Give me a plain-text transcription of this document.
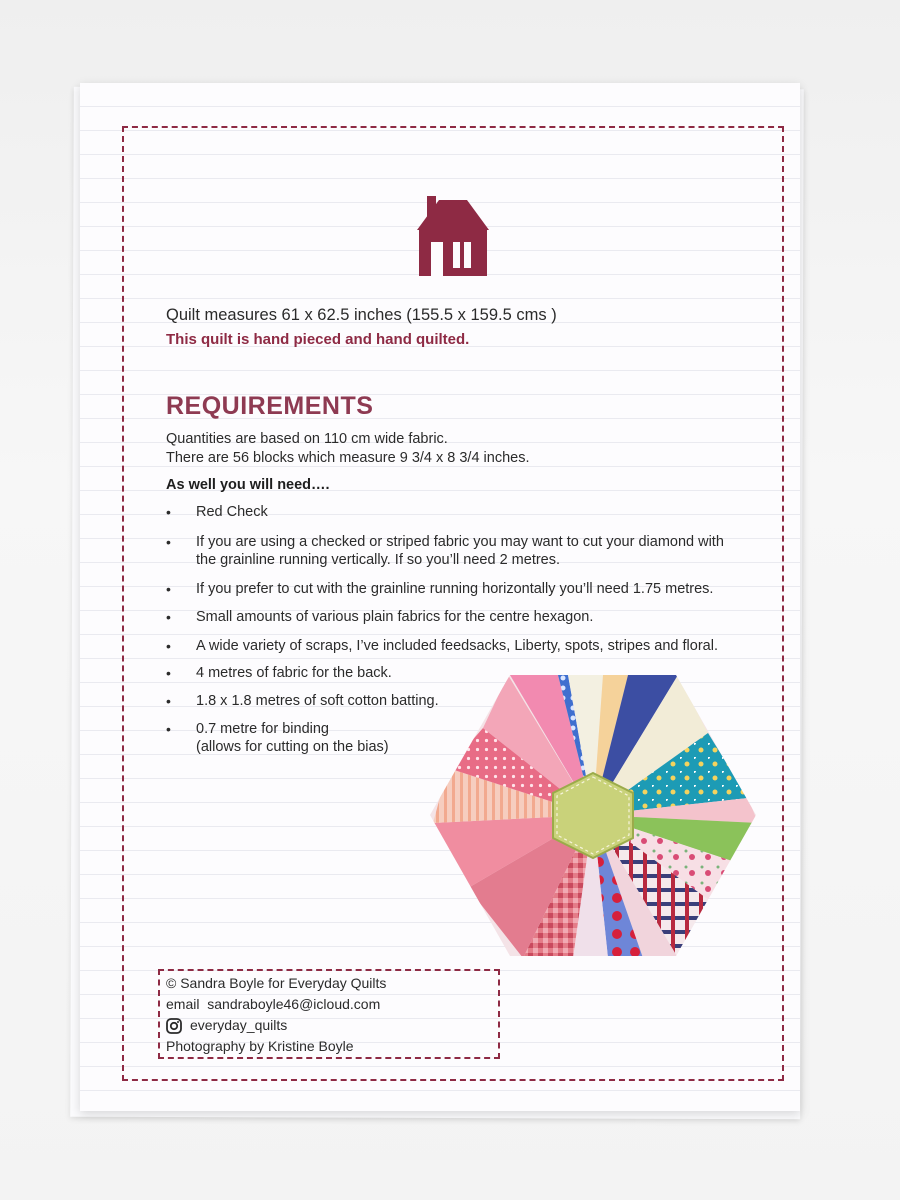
Quilt measures 61 x 62.5 inches (155.5 x 159.5 cms )
This quilt is hand pieced and hand quilted.
REQUIREMENTS
Quantities are based on 110 cm wide fabric.
There are 56 blocks which measure 9 3/4 x 8 3/4 inches.
As well you will need….
•	Red Check
•	If you are using a checked or striped fabric you may want to cut your diamond with the grainline running vertically. If so you’ll need 2 metres.
•	If you prefer to cut with the grainline running horizontally you’ll need 1.75 metres.
•	Small amounts of various plain fabrics for the centre hexagon.
•	A wide variety of scraps, I’ve included feedsacks, Liberty, spots, stripes and floral.
•	4 metres of fabric for the back.
•	1.8 x 1.8 metres of soft cotton batting.
•	0.7 metre for binding
(allows for cutting on the bias)
© Sandra Boyle for Everyday Quilts
email sandraboyle46@icloud.com
everyday_quilts
Photography by Kristine Boyle
